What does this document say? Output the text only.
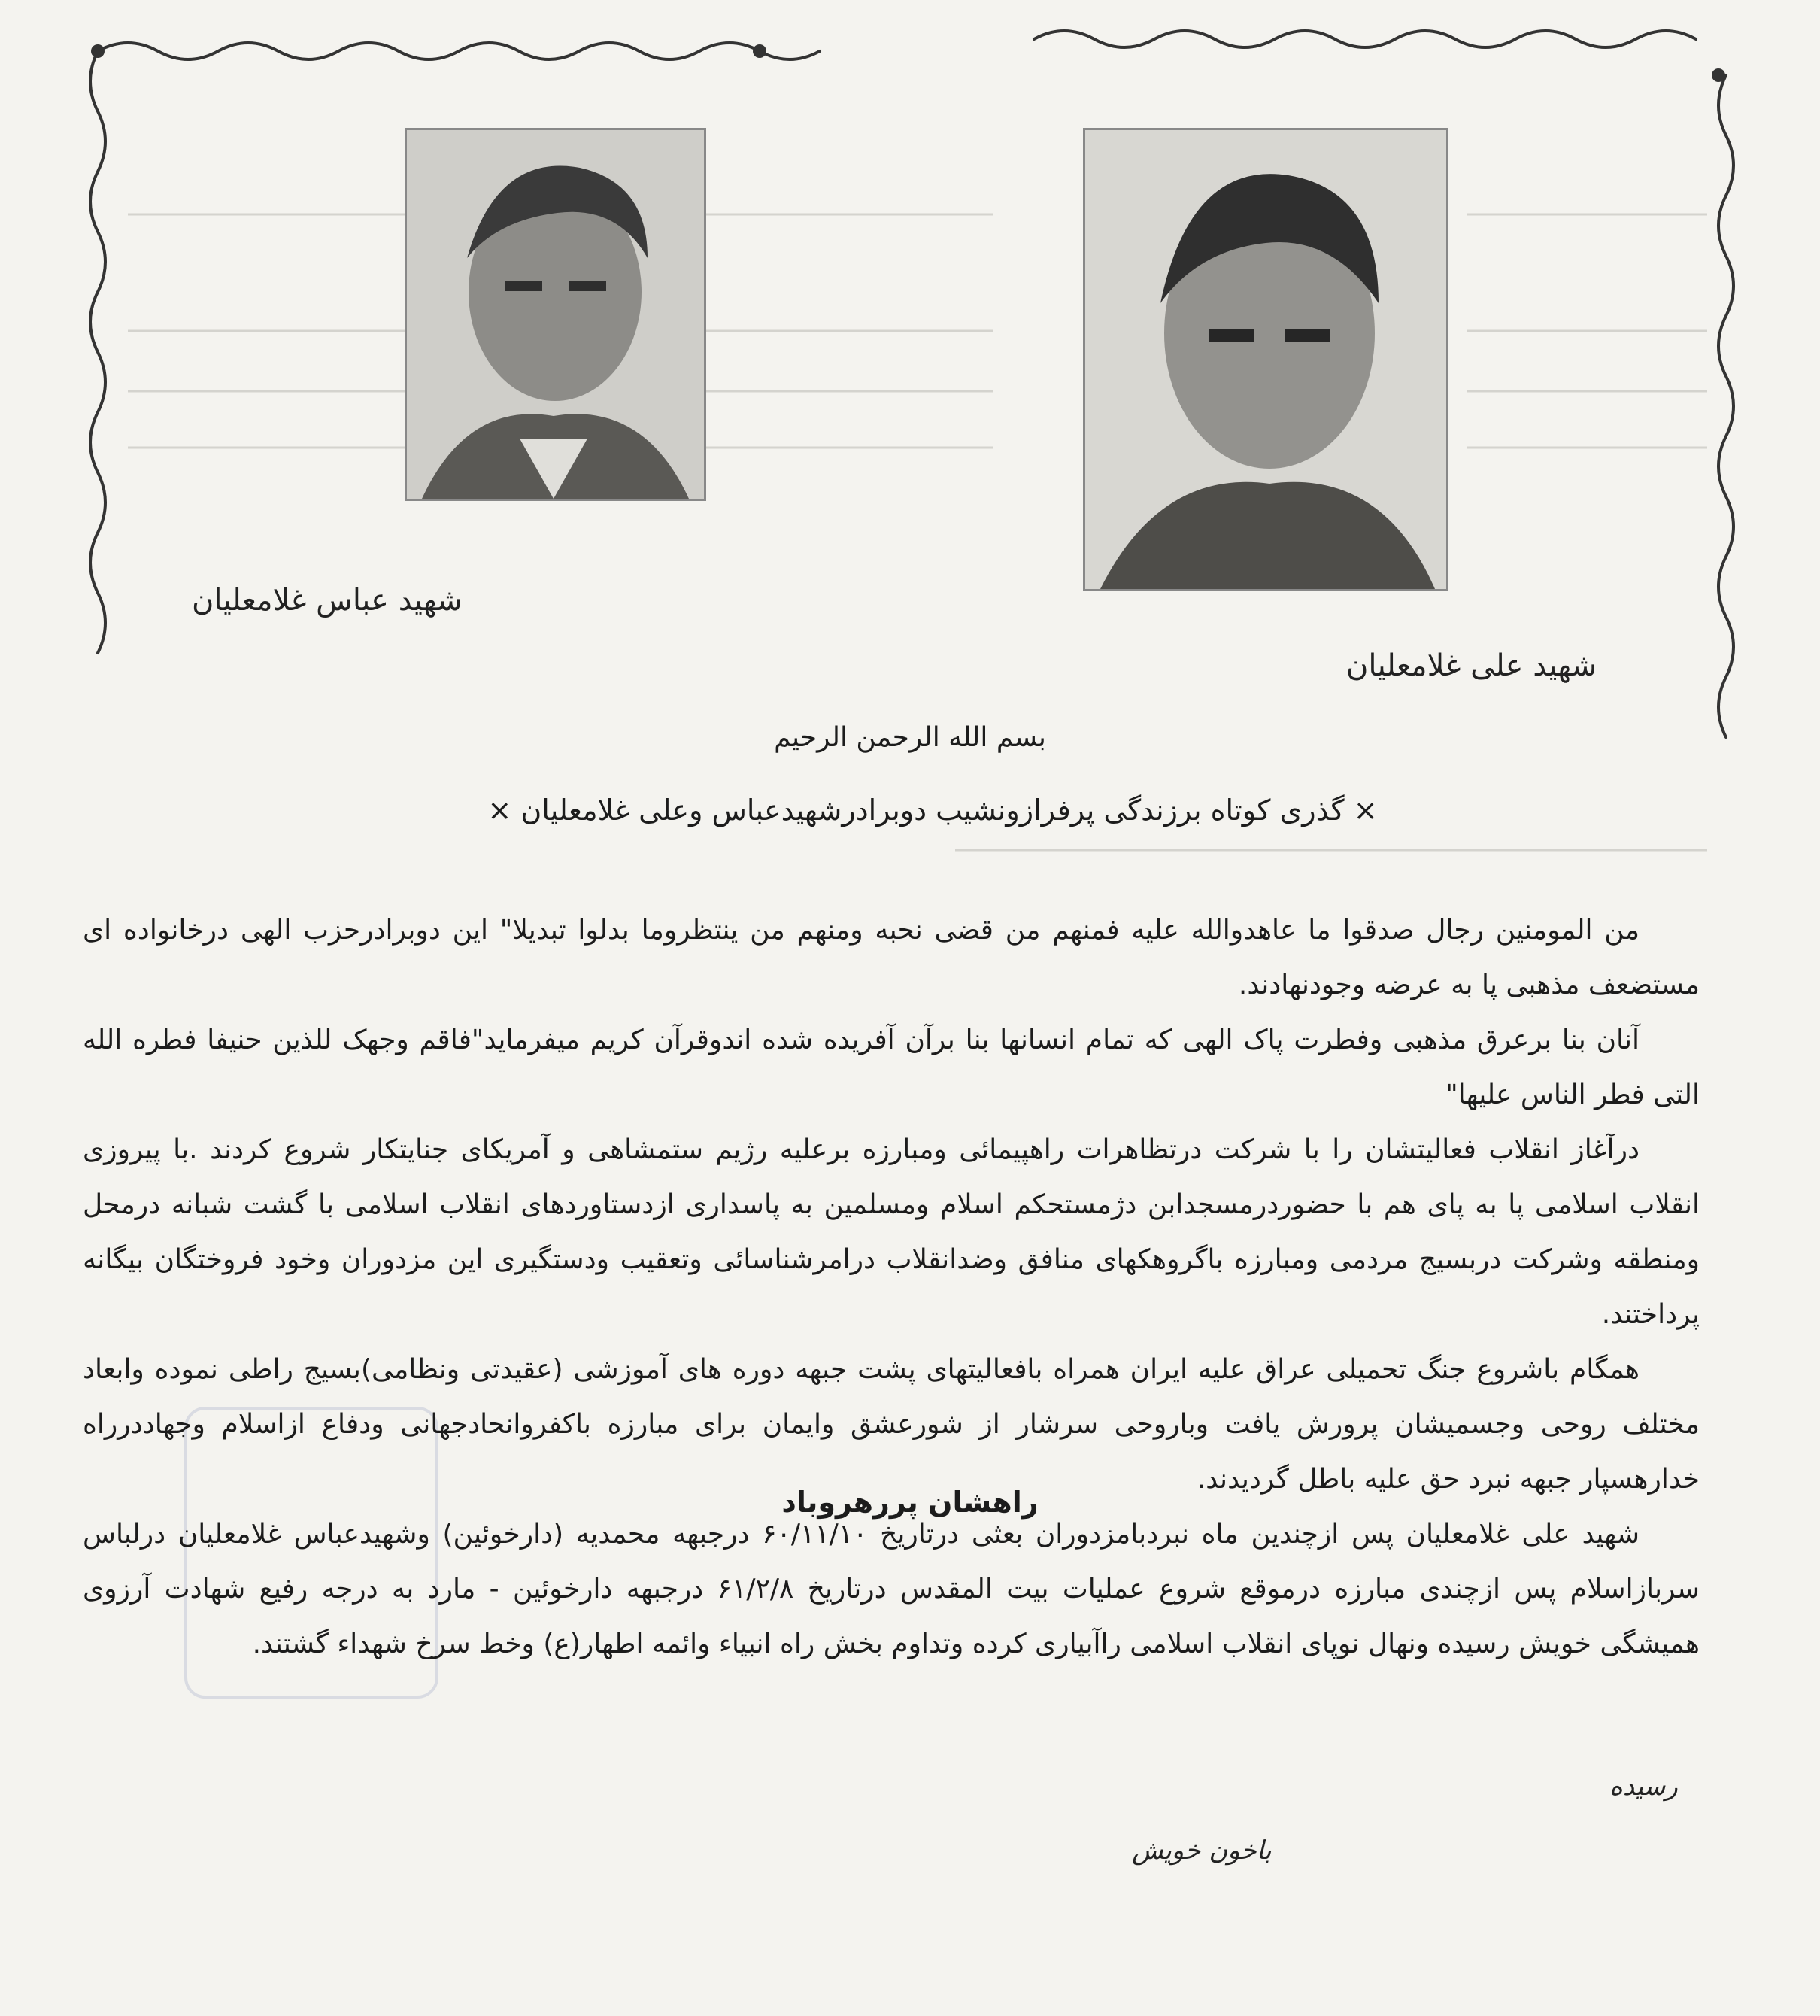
شهید عباس غلامعلیان
شهید علی غلامعلیان
بسم الله الرحمن الرحیم
× گذری کوتاه برزندگی پرفرازونشیب دوبرادرشهیدعباس وعلی غلامعلیان ×

من المومنین رجال صدقوا ما عاهدوالله علیه فمنهم من قضی نحبه ومنهم من ینتظروما بدلوا تبدیلا" این دوبرادرحزب الهی درخانواده ای مستضعف مذهبی پا به عرضه وجودنهادند.

آنان بنا برعرق مذهبی وفطرت پاک الهی که تمام انسانها بنا برآن آفریده شده اندوقرآن کریم میفرماید"فاقم وجهک للذین حنیفا فطره الله التی فطر الناس علیها"

درآغاز انقلاب فعالیتشان را با شرکت درتظاهرات راهپیمائی ومبارزه برعلیه رژیم ستمشاهی و آمریکای جنایتکار شروع کردند .با پیروزی انقلاب اسلامی پا به پای هم با حضوردرمسجدابن دژمستحکم اسلام ومسلمین به پاسداری ازدستاوردهای انقلاب اسلامی با گشت شبانه درمحل ومنطقه وشرکت دربسیج مردمی ومبارزه باگروهکهای منافق وضدانقلاب درامرشناسائی وتعقیب ودستگیری این مزدوران وخود فروختگان بیگانه پرداختند.

همگام باشروع جنگ تحمیلی عراق علیه ایران همراه بافعالیتهای پشت جبهه دوره های آموزشی (عقیدتی ونظامی)بسیج راطی نموده وابعاد مختلف روحی وجسمیشان پرورش یافت وباروحی سرشار از شورعشق وایمان برای مبارزه باکفروانحادجهانی ودفاع ازاسلام وجهاددرراه خدارهسپار جبهه نبرد حق علیه باطل گردیدند.

شهید علی غلامعلیان پس ازچندین ماه نبردبامزدوران بعثی درتاریخ ۶۰/۱۱/۱۰ درجبهه محمدیه (دارخوئین) وشهیدعباس غلامعلیان درلباس سربازاسلام پس ازچندی مبارزه درموقع شروع عملیات بیت المقدس درتاریخ ۶۱/۲/۸ درجبهه دارخوئین - مارد به درجه رفیع شهادت آرزوی همیشگی خویش رسیده ونهال نوپای انقلاب اسلامی راآبیاری کرده وتداوم بخش راه انبیاء وائمه اطهار(ع) وخط سرخ شهداء گشتند.

رسیده
باخون خویش
راهشان پررهروباد
